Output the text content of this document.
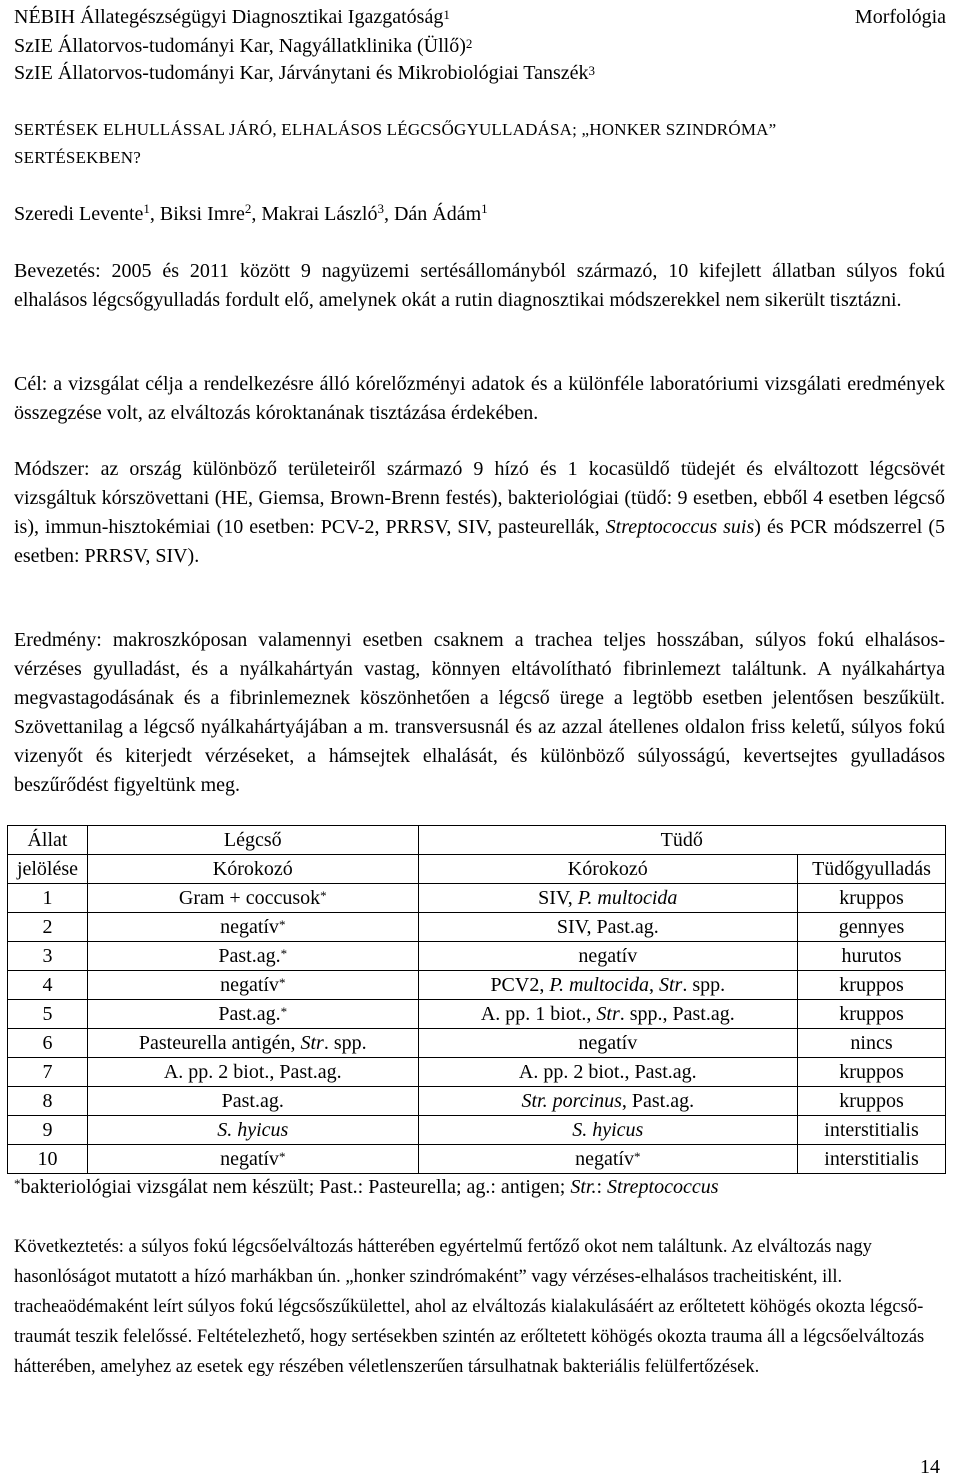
NÉBIH Állategészségügyi Diagnosztikai Igazgatóság$^1$
SzIE Állatorvos-tudományi Kar, Nagyállatklinika (Üllő)$^2$
SzIE Állatorvos-tudományi Kar, Járványtani és Mikrobiológiai Tanszék$^3$
Morfológia
SERTÉSEK ELHULLÁSSAL JÁRÓ, ELHALÁSOS LÉGCSŐGYULLADÁSA; „HONKER SZINDRÓMA”
SERTÉSEKBEN?
Szeredi Levente$^1$, Biksi Imre$^2$, Makrai László$^3$, Dán Ádám$^1$
Bevezetés: 2005 és 2011 között 9 nagyüzemi sertésállományból származó, 10 kifejlett állatban súlyos fokú elhalásos légcsőgyulladás fordult elő, amelynek okát a rutin diagnosztikai módszerekkel nem sikerült tisztázni.
Cél: a vizsgálat célja a rendelkezésre álló kórelőzményi adatok és a különféle laboratóriumi vizsgálati eredmények összegzése volt, az elváltozás kóroktanának tisztázása érdekében.
Módszer: az ország különböző területeiről származó 9 hízó és 1 kocasüldő tüdejét és elváltozott légcsövét vizsgáltuk kórszövettani (HE, Giemsa, Brown-Brenn festés), bakteriológiai (tüdő: 9 esetben, ebből 4 esetben légcső is), immun-hisztokémiai (10 esetben: PCV-2, PRRSV, SIV, pasteurellák, Streptococcus suis) és PCR módszerrel (5 esetben: PRRSV, SIV).
Eredmény: makroszkóposan valamennyi esetben csaknem a trachea teljes hosszában, súlyos fokú elhalásos-vérzéses gyulladást, és a nyálkahártyán vastag, könnyen eltávolítható fibrinlemezt találtunk. A nyálkahártya megvastagodásának és a fibrinlemeznek köszönhetően a légcső ürege a legtöbb esetben jelentősen beszűkült. Szövettanilag a légcső nyálkahártyájában a m. transversusnál és az azzal átellenes oldalon friss keletű, súlyos fokú vizenyőt és kiterjedt vérzéseket, a hámsejtek elhalását, és különböző súlyosságú, kevertsejtes gyulladásos beszűrődést figyeltünk meg.
Állat	Légcső	Tüdő	
jelölése	Kórokozó	Kórokozó	Tüdőgyulladás
1	Gram + coccusok*	SIV, P. multocida	kruppos
2	negatív*	SIV, Past.ag.	gennyes
3	Past.ag.*	negatív	hurutos
4	negatív*	PCV2, P. multocida, Str. spp.	kruppos
5	Past.ag.*	A. pp. 1 biot., Str. spp., Past.ag.	kruppos
6	Pasteurella antigén, Str. spp.	negatív	nincs
7	A. pp. 2 biot., Past.ag.	A. pp. 2 biot., Past.ag.	kruppos
8	Past.ag.	Str. porcinus, Past.ag.	kruppos
9	S. hyicus	S. hyicus	interstitialis
10	negatív*	negatív*	interstitialis
*bakteriológiai vizsgálat nem készült; Past.: Pasteurella; ag.: antigen; Str.: Streptococcus
Következtetés: a súlyos fokú légcsőelváltozás hátterében egyértelmű fertőző okot nem találtunk. Az elváltozás nagy hasonlóságot mutatott a hízó marhákban ún. „honker szindrómaként” vagy vérzéses-elhalásos tracheitisként, ill. tracheaödémaként leírt súlyos fokú légcsőszűkülettel, ahol az elváltozás kialakulásáért az erőltetett köhögés okozta légcső-traumát teszik felelőssé. Feltételezhető, hogy sertésekben szintén az erőltetett köhögés okozta trauma áll a légcsőelváltozás hátterében, amelyhez az esetek egy részében véletlenszerűen társulhatnak bakteriális felülfertőzések.
14
